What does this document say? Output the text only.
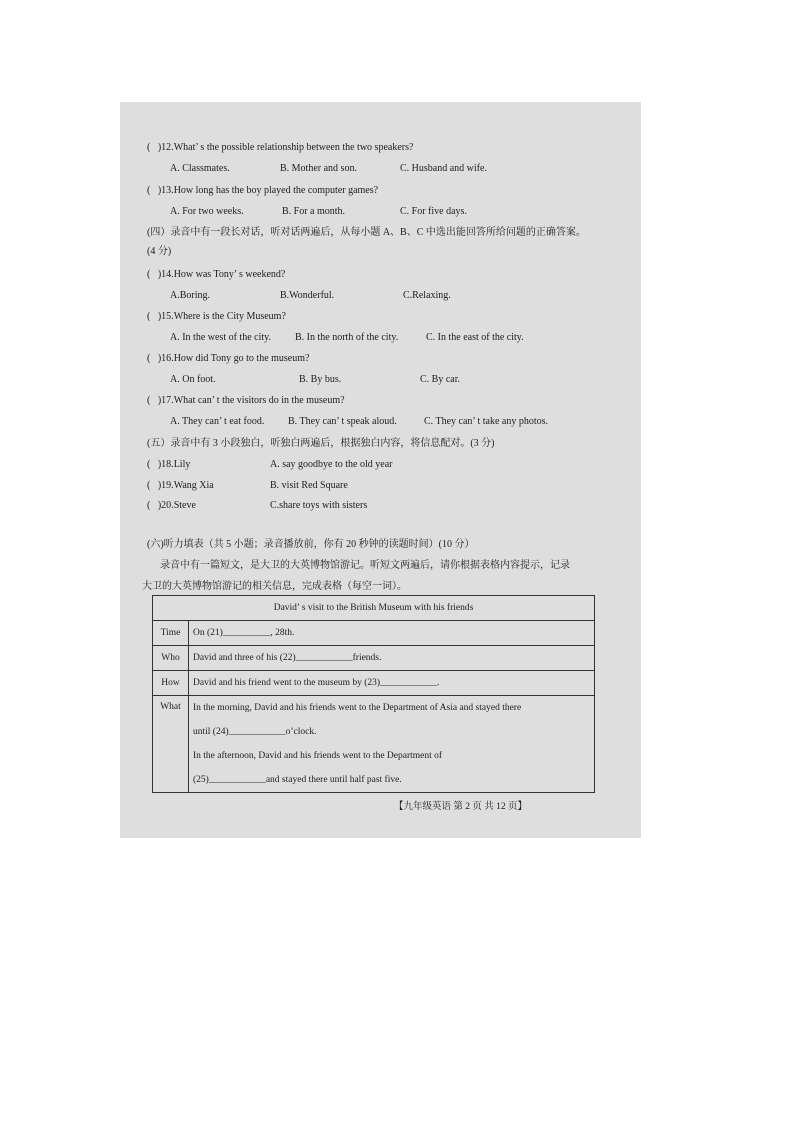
( )12.What’ s the possible relationship between the two speakers?
A. Classmates.	B. Mother and son.	C. Husband and wife.
( )13.How long has the boy played the computer games?
A. For two weeks.	B. For a month.	C. For five days.
(四）录音中有一段长对话，听对话两遍后，从每小题 A、B、C 中选出能回答所给问题的正确答案。
(4 分)
( )14.How was Tony’ s weekend?
A.Boring.	B.Wonderful.	C.Relaxing.
( )15.Where is the City Museum?
A. In the west of the city. B. In the north of the city.	C. In the east of the city.
( )16.How did Tony go to the museum?
A. On foot.	B. By bus.	C. By car.
( )17.What can’ t the visitors do in the museum?
A. They can’ t eat food. B. They can’ t speak aloud.	C. They can’ t take any photos.
(五）录音中有 3 小段独白，听独白两遍后，根据独白内容，将信息配对。(3 分)
( )18.Lily	A. say goodbye to the old year
( )19.Wang Xia	B. visit Red Square
( )20.Steve	C.share toys with sisters
(六)听力填表（共 5 小题；录音播放前，你有 20 秒钟的读题时间）(10 分）
录音中有一篇短文，是大卫的大英博物馆游记。听短文两遍后，请你根据表格内容提示，记录
大卫的大英博物馆游记的相关信息，完成表格（每空一词）。
David’ s visit to the British Museum with his friends	
Time	On (21)__________, 28th.
Who	David and three of his (22)____________friends.
How	David and his friend went to the museum by (23)____________.
What	In the morning, David and his friends went to the Department of Asia and stayed there
until (24)____________o’clock.
In the afternoon, David and his friends went to the Department of
(25)____________and stayed there until half past five.
【九年级英语 第 2 页 共 12 页】
